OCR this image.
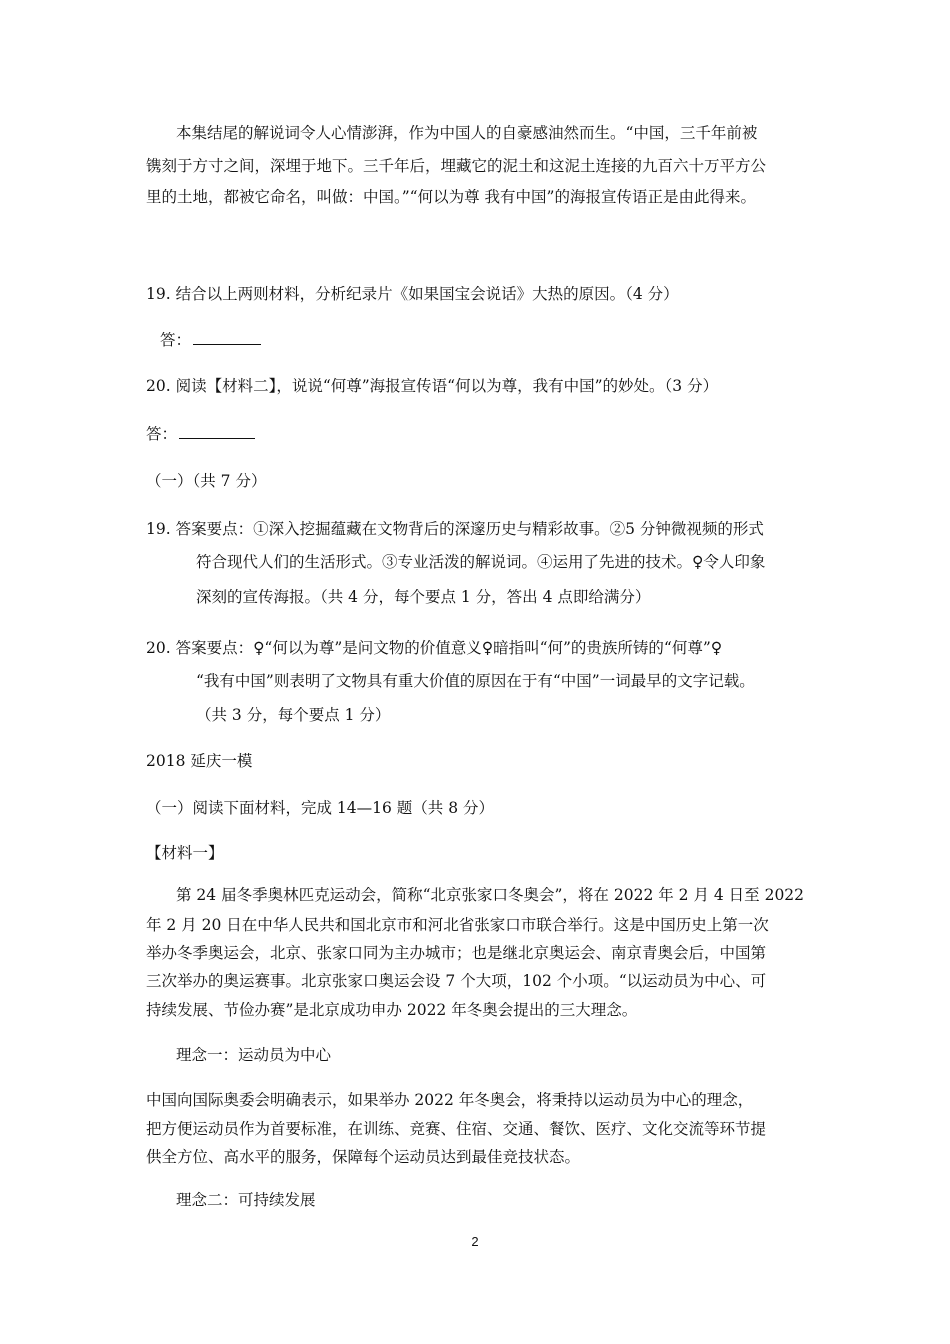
本集结尾的解说词令人心情澎湃，作为中国人的自豪感油然而生。“中国，三千年前被
镌刻于方寸之间，深埋于地下。三千年后，埋藏它的泥土和这泥土连接的九百六十万平方公
里的土地，都被它命名，叫做：中国。”“何以为尊 我有中国”的海报宣传语正是由此得来。
19. 结合以上两则材料，分析纪录片《如果国宝会说话》大热的原因。（4 分）
答：
20. 阅读【材料二】，说说“何尊”海报宣传语“何以为尊，我有中国”的妙处。（3 分）
答：
（一）（共 7 分）
19. 答案要点：①深入挖掘蕴藏在文物背后的深邃历史与精彩故事。②5 分钟微视频的形式
符合现代人们的生活形式。③专业活泼的解说词。④运用了先进的技术。♀令人印象
深刻的宣传海报。（共 4 分，每个要点 1 分，答出 4 点即给满分）
20. 答案要点：♀“何以为尊”是问文物的价值意义♀暗指叫“何”的贵族所铸的“何尊”♀
“我有中国”则表明了文物具有重大价值的原因在于有“中国”一词最早的文字记载。
（共 3 分，每个要点 1 分）
2018 延庆一模
（一）阅读下面材料，完成 14—16 题（共 8 分）
【材料一】
第 24 届冬季奥林匹克运动会，简称“北京张家口冬奥会”，将在 2022 年 2 月 4 日至 2022
年 2 月 20 日在中华人民共和国北京市和河北省张家口市联合举行。这是中国历史上第一次
举办冬季奥运会，北京、张家口同为主办城市；也是继北京奥运会、南京青奥会后，中国第
三次举办的奥运赛事。北京张家口奥运会设 7 个大项，102 个小项。“以运动员为中心、可
持续发展、节俭办赛”是北京成功申办 2022 年冬奥会提出的三大理念。
理念一：运动员为中心
中国向国际奥委会明确表示，如果举办 2022 年冬奥会，将秉持以运动员为中心的理念，
把方便运动员作为首要标准，在训练、竞赛、住宿、交通、餐饮、医疗、文化交流等环节提
供全方位、高水平的服务，保障每个运动员达到最佳竞技状态。
理念二：可持续发展
2
